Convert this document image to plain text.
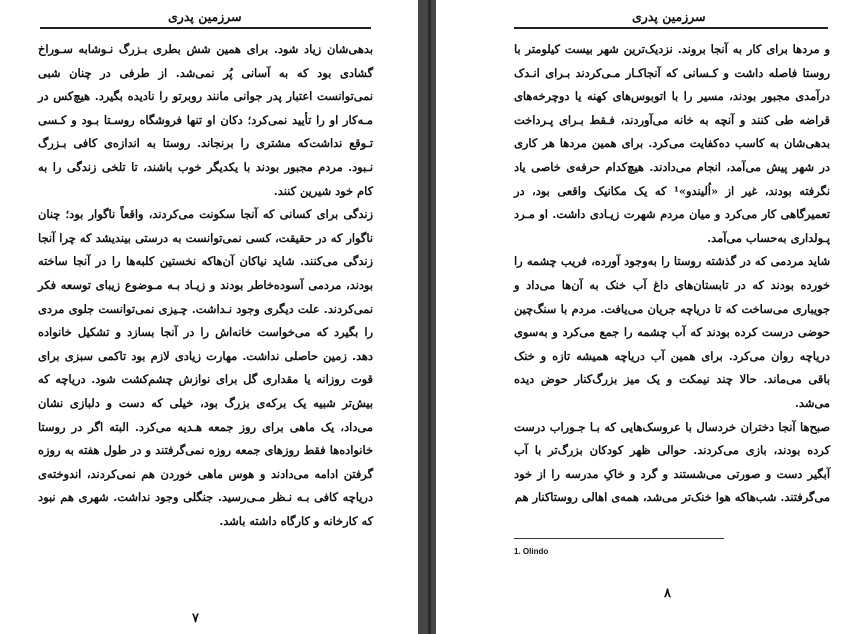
سرزمین پدری

بدهی‌شان زیاد شود. برای همین شش بطری بـزرگ نـوشابه سـوراخ گشادی بود که به آسانی پُر نمی‌شد. از طرفی در چنان شبی نمی‌توانست اعتبار پدر جوانی مانند روبرتو را نادیده بگیرد. هیچ‌کس در مـه‌کار او را تأیید نمی‌کرد؛ دکان او تنها فروشگاه روسـتا بـود و کـسی تـوقع نداشت‌که مشتری را برنجاند. روستا به اندازه‌ی کافی بـزرگ نـبود. مردم مجبور بودند با یکدیگر خوب باشند، تا تلخی زندگی را به کام خود شیرین کنند.

زندگی برای کسانی که آنجا سکونت می‌کردند، واقعاً ناگوار بود؛ چنان ناگوار که در حقیقت، کسی نمی‌توانست به درستی بیندیشد که چرا آنجا زندگی می‌کنند. شاید نیاکان آن‌هاکه نخستین کلبه‌ها را در آنجا ساخته بودند، مردمی آسوده‌خاطر بودند و زیـاد بـه مـوضوع زیبای توسعه فکر نمی‌کردند. علت دیگری وجود نـداشت. چـیزی نمی‌توانست جلوی مردی را بگیرد که می‌خواست خانه‌اش را در آنجا بسازد و تشکیل خانواده دهد. زمین حاصلی نداشت. مهارت زیادی لازم بود تاکمی سبزی برای قوت روزانه یا مقداری گل برای نوازش چشم‌کشت شود. دریاچه که بیش‌تر شبیه یک برکه‌ی بزرگ بود، خیلی که دست و دلبازی نشان می‌داد، یک ماهی برای روز جمعه هـدیه می‌کرد. البته اگر در روستا خانواده‌ها فقط روزهای جمعه روزه نمی‌گرفتند و در طول هفته به روزه گرفتن ادامه می‌دادند و هوس ماهی خوردن هم نمی‌کردند، اندوخته‌ی دریاچه کافی بـه نـظر مـی‌رسید. جنگلی وجود نداشت. شهری هم نبود که کارخانه و کارگاه داشته باشد.

۷
سرزمین پدری

و مردها برای کار به آنجا بروند. نزدیک‌ترین شهر بیست کیلومتر با روستا فاصله داشت و کـسانی که آنجاکـار مـی‌کردند بـرای انـدک درآمدی مجبور بودند، مسیر را با اتوبوس‌های کهنه یا دوچرخه‌های قراضه طی کنند و آنچه به خانه می‌آوردند، فـقط بـرای پـرداخت بدهی‌شان به کاسب ده‌کفایت می‌کرد. برای همین مردها هر کاری در شهر پیش می‌آمد، انجام می‌دادند. هیچ‌کدام حرفه‌ی خاصی یاد نگرفته بودند، غیر از «اُلیندو»¹ که یک مکانیک واقعی بود، در تعمیرگاهی کار می‌کرد و میان مردم شهرت زیـادی داشت. او مـرد پـولداری به‌حساب می‌آمد.

شاید مردمی که در گذشته روستا را به‌وجود آورده، فریب چشمه را خورده بودند که در تابستان‌های داغ آب خنک به آن‌ها می‌داد و جویباری می‌ساخت که تا دریاچه جریان می‌یافت. مردم با سنگ‌چین حوضی درست کرده بودند که آب چشمه را جمع می‌کرد و به‌سوی دریاچه روان می‌کرد. برای همین آب دریاچه همیشه تازه و خنک باقی می‌ماند. حالا چند نیمکت و یک میز بزرگ‌کنار حوض دیده می‌شد.

صبح‌ها آنجا دختران خردسال با عروسک‌هایی که بـا جـوراب درست کرده بودند، بازی می‌کردند. حوالی ظهر کودکان بزرگ‌تر با آب آبگیر دست و صورتی می‌شستند و گرد و خاکِ مدرسه را از خود می‌گرفتند. شب‌هاکه هوا خنک‌تر می‌شد، همه‌ی اهالی روستاکنار هم

1. Olindo
۸
